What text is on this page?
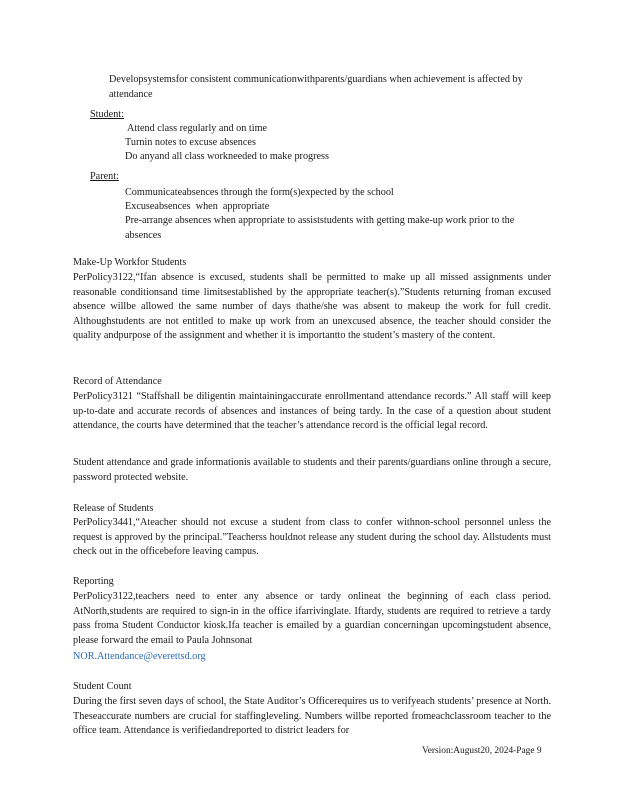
Developsystemsfor consistent communicationwithparents/guardians when achievement is affected by attendance
Student:
Attend class regularly and on time
Turnin notes to excuse absences
Do anyand all class workneeded to make progress
Parent:
Communicateabsences through the form(s)expected by the school
Excuseabsences  when  appropriate
Pre-arrange absences when appropriate to assiststudents with getting make-up work prior to the absences
Make-Up Workfor Students

PerPolicy3122,“Ifan absence is excused, students shall be permitted to make up all missed assignments under reasonable conditionsand time limitsestablished by the appropriate teacher(s).”Students returning froman excused absence willbe allowed the same number of days thathe/she was absent to makeup the work for full credit. Althoughstudents are not entitled to make up work from an unexcused absence, the teacher should consider the quality andpurpose of the assignment and whether it is importantto the student’s mastery of the content.

Record of Attendance

PerPolicy3121 “Staffshall be diligentin maintainingaccurate enrollmentand attendance records.” All staff will keep up-to-date and accurate records of absences and instances of being tardy. In the case of a question about student attendance, the courts have determined that the teacher’s attendance record is the official legal record.

Student attendance and grade informationis available to students and their parents/guardians online through a secure, password protected website.

Release of Students

PerPolicy3441,“Ateacher should not excuse a student from class to confer withnon-school personnel unless the request is approved by the principal.”Teacherss houldnot release any student during the school day. Allstudents must check out in the officebefore leaving campus.

Reporting

PerPolicy3122,teachers need to enter any absence or tardy onlineat the beginning of each class period. AtNorth,students are required to sign-in in the office ifarrivinglate. Iftardy, students are required to retrieve a tardy pass froma Student Conductor kiosk.Ifa teacher is emailed by a guardian concerningan upcomingstudent absence, please forward the email to Paula Johnsonat

NOR.Attendance@everettsd.org
Student Count

During the first seven days of school, the State Auditor’s Officerequires us to verifyeach students’ presence at North. Theseaccurate numbers are crucial for staffingleveling. Numbers willbe reported fromeachclassroom teacher to the office team. Attendance is verifiedandreported to district leaders for

Version:August20, 2024-Page 9
